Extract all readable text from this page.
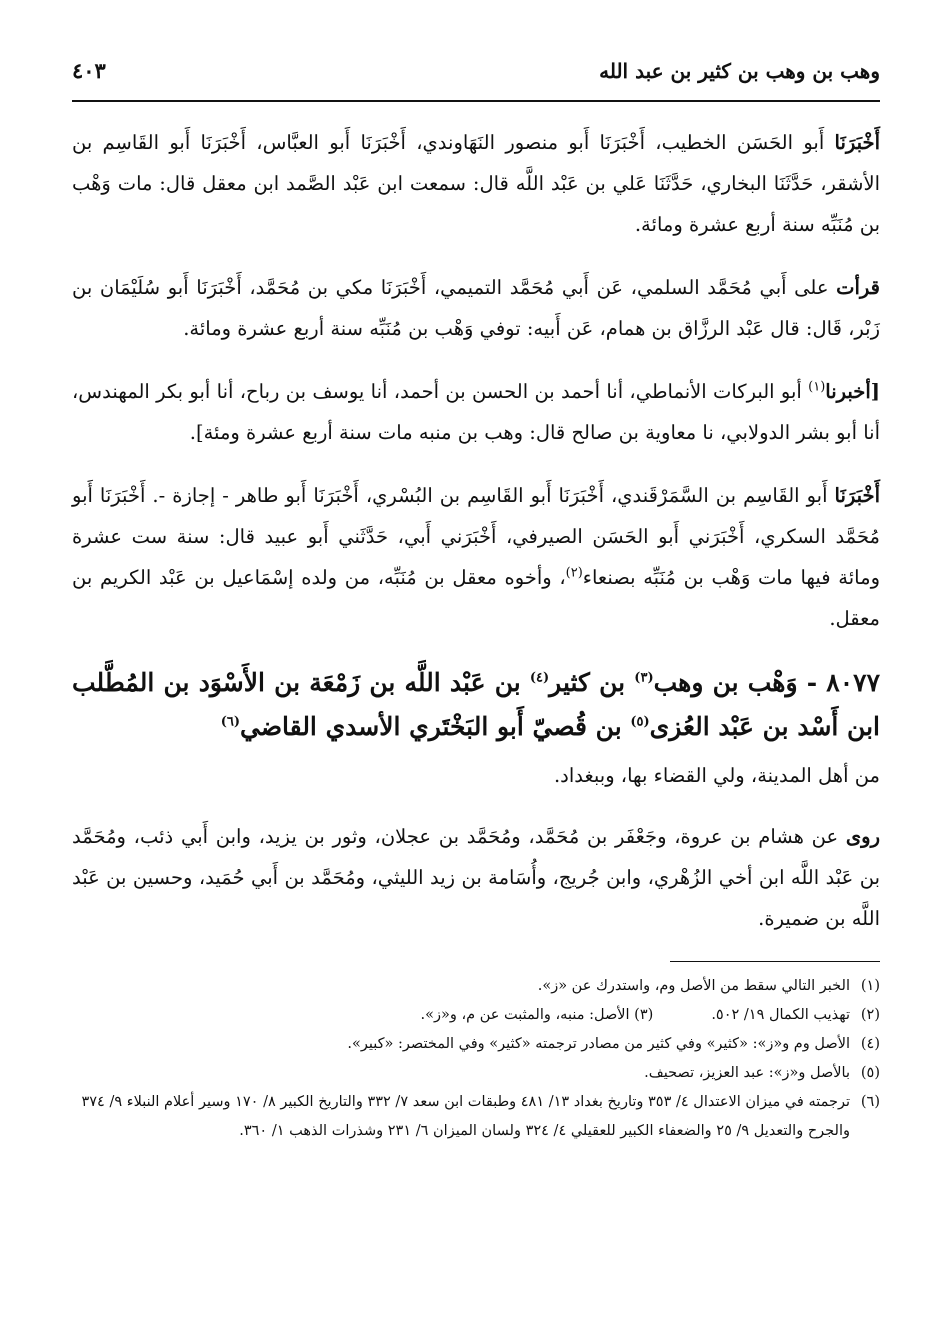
وهب بن وهب بن كثير بن عبد الله
٤٠٣

أَخْبَرَنَا أَبو الحَسَن الخطيب، أَخْبَرَنَا أَبو منصور النَهَاوندي، أَخْبَرَنَا أَبو العبَّاس، أَخْبَرَنَا أَبو القَاسِم بن الأشقر، حَدَّثَنَا البخاري، حَدَّثَنَا عَلي بن عَبْد اللَّه قال: سمعت ابن عَبْد الصَّمد ابن معقل قال: مات وَهْب بن مُنَبِّه سنة أربع عشرة ومائة.

قرأت على أَبي مُحَمَّد السلمي، عَن أَبي مُحَمَّد التميمي، أَخْبَرَنَا مكي بن مُحَمَّد، أَخْبَرَنَا أَبو سُلَيْمَان بن زَبْر، قَال: قال عَبْد الرزَّاق بن همام، عَن أَبيه: توفي وَهْب بن مُنَبِّه سنة أربع عشرة ومائة.

[أخبرنا$^{(١)}$ أبو البركات الأنماطي، أنا أحمد بن الحسن بن أحمد، أنا يوسف بن رباح، أنا أبو بكر المهندس، أنا أبو بشر الدولابي، نا معاوية بن صالح قال: وهب بن منبه مات سنة أربع عشرة ومئة].

أَخْبَرَنَا أَبو القَاسِم بن السَّمَرْقَندي، أَخْبَرَنَا أَبو القَاسِم بن البُسْري، أَخْبَرَنَا أَبو طاهر - إجازة -. أَخْبَرَنَا أَبو مُحَمَّد السكري، أَخْبَرَني أَبو الحَسَن الصيرفي، أَخْبَرَني أَبي، حَدَّثَني أَبو عبيد قال: سنة ست عشرة ومائة فيها مات وَهْب بن مُنَبِّه بصنعاء$^{(٢)}$، وأخوه معقل بن مُنَبِّه، من ولده إسْمَاعيل بن عَبْد الكريم بن معقل.

٨٠٧٧ - وَهْب بن وهب$^{(٣)}$ بن كثير$^{(٤)}$ بن عَبْد اللَّه بن زَمْعَة بن الأَسْوَد بن المُطَّلب ابن أَسْد بن عَبْد العُزى$^{(٥)}$ بن قُصيّ أَبو البَخْتَري الأسدي القاضي$^{(٦)}$

من أهل المدينة، ولي القضاء بها، وببغداد.

روى عن هشام بن عروة، وجَعْفَر بن مُحَمَّد، ومُحَمَّد بن عجلان، وثور بن يزيد، وابن أَبي ذئب، ومُحَمَّد بن عَبْد اللَّه ابن أخي الزُهْري، وابن جُريج، وأُسَامة بن زيد الليثي، ومُحَمَّد بن أَبي حُمَيد، وحسين بن عَبْد اللَّه بن ضميرة.

(١)
الخبر التالي سقط من الأصل وم، واستدرك عن «ز».
(٢)
تهذيب الكمال ١٩/ ٥٠٢.
(٣) الأصل: منبه، والمثبت عن م، و«ز».
(٤)
الأصل وم و«ز»: «كثير» وفي كثير من مصادر ترجمته «كثير» وفي المختصر: «كبير».
(٥)
بالأصل و«ز»: عبد العزيز، تصحيف.
(٦)
ترجمته في ميزان الاعتدال ٤/ ٣٥٣ وتاريخ بغداد ١٣/ ٤٨١ وطبقات ابن سعد ٧/ ٣٣٢ والتاريخ الكبير ٨/ ١٧٠ وسير أعلام النبلاء ٩/ ٣٧٤ والجرح والتعديل ٩/ ٢٥ والضعفاء الكبير للعقيلي ٤/ ٣٢٤ ولسان الميزان ٦/ ٢٣١ وشذرات الذهب ١/ ٣٦٠.
